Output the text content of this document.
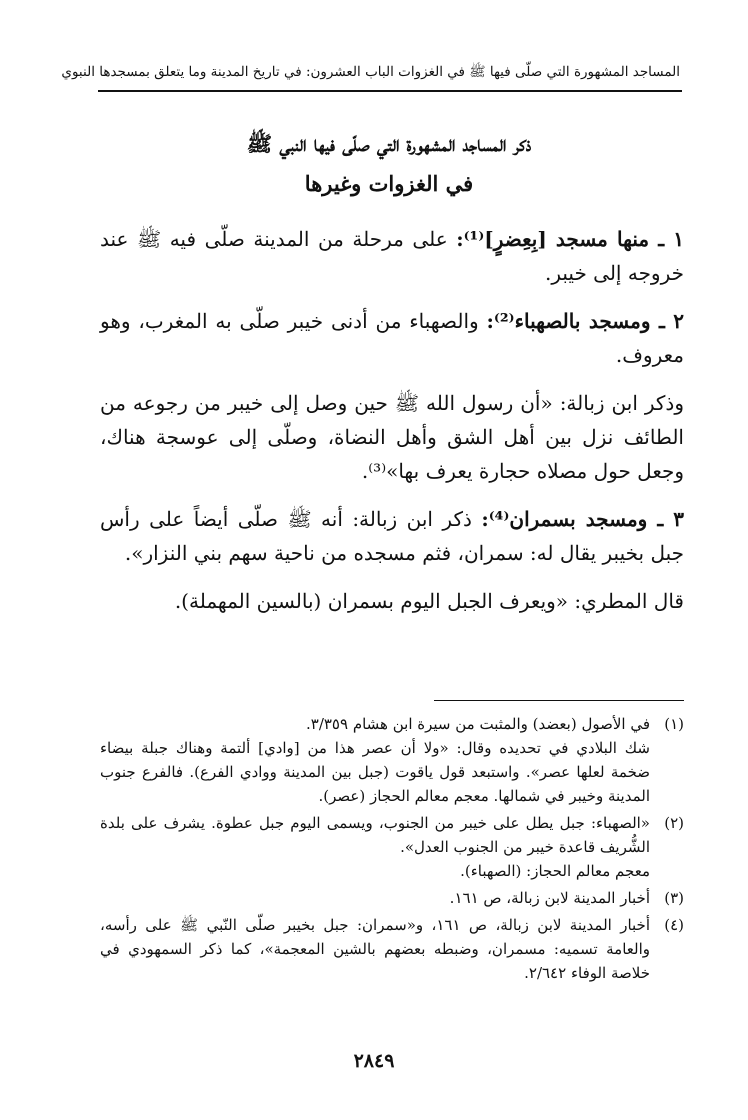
المساجد المشهورة التي صلّى فيها ﷺ في الغزوات الباب العشرون: في تاريخ المدينة وما يتعلق بمسجدها النبوي
ذكر المساجد المشهورة التي صلّى فيها النبي ﷺ
في الغزوات وغيرها

١ ـ منها مسجد [بِعِضرٍ]⁽¹⁾: على مرحلة من المدينة صلّى فيه ﷺ عند خروجه إلى خيبر.

٢ ـ ومسجد بالصهباء⁽²⁾: والصهباء من أدنى خيبر صلّى به المغرب، وهو معروف.

وذكر ابن زبالة: «أن رسول الله ﷺ حين وصل إلى خيبر من رجوعه من الطائف نزل بين أهل الشق وأهل النضاة، وصلّى إلى عوسجة هناك، وجعل حول مصلاه حجارة يعرف بها»⁽³⁾.

٣ ـ ومسجد بسمران⁽⁴⁾: ذكر ابن زبالة: أنه ﷺ صلّى أيضاً على رأس جبل بخيبر يقال له: سمران، فثم مسجده من ناحية سهم بني النزار».

قال المطري: «ويعرف الجبل اليوم بسمران (بالسين المهملة).

(١)
في الأصول (بعضد) والمثبت من سيرة ابن هشام ٣/٣٥٩.
شك البلادي في تحديده وقال: «ولا أن عصر هذا من [وادي] ألتمة وهناك جبلة بيضاء ضخمة لعلها عصر». واستبعد قول ياقوت (جبل بين المدينة ووادي الفرع). فالفرع جنوب المدينة وخيبر في شمالها. معجم معالم الحجاز (عصر).
(٢)
«الصهباء: جبل يطل على خيبر من الجنوب، ويسمى اليوم جبل عطوة. يشرف على بلدة الشُّريف قاعدة خيبر من الجنوب العدل».
معجم معالم الحجاز: (الصهباء).
(٣)
أخبار المدينة لابن زبالة، ص ١٦١.
(٤)
أخبار المدينة لابن زبالة، ص ١٦١، و«سمران: جبل بخيبر صلّى النّبي ﷺ على رأسه، والعامة تسميه: مسمران، وضبطه بعضهم بالشين المعجمة»، كما ذكر السمهودي في خلاصة الوفاء ٢/٦٤٢.
٢٨٤٩
